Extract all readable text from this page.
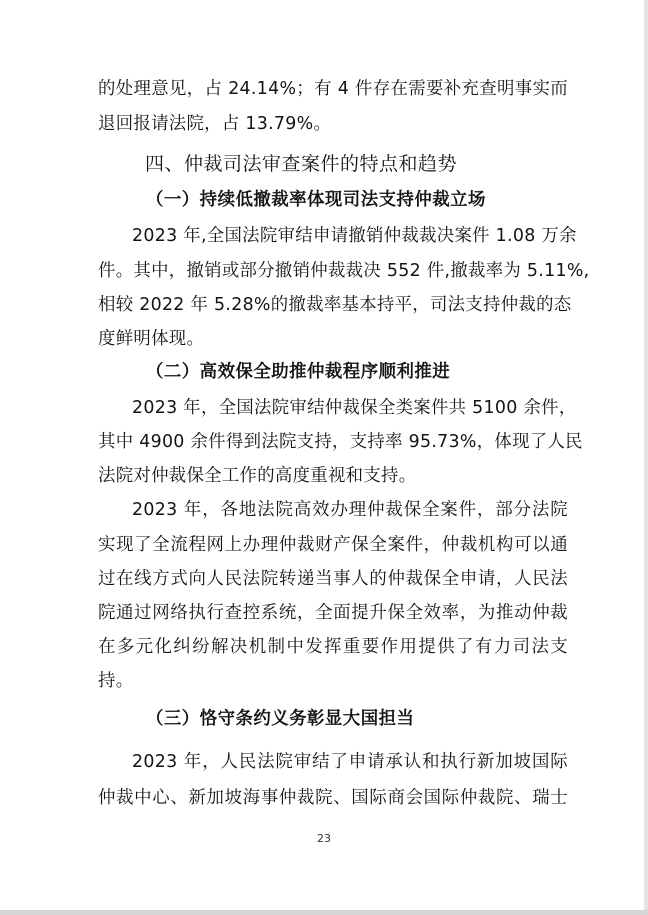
的处理意见，占 24.14%；有 4 件存在需要补充查明事实而
退回报请法院，占 13.79%。
四、仲裁司法审查案件的特点和趋势
（一）持续低撤裁率体现司法支持仲裁立场
2023 年,全国法院审结申请撤销仲裁裁决案件 1.08 万余
件。其中，撤销或部分撤销仲裁裁决 552 件,撤裁率为 5.11%,
相较 2022 年 5.28%的撤裁率基本持平，司法支持仲裁的态
度鲜明体现。
（二）高效保全助推仲裁程序顺利推进
2023 年，全国法院审结仲裁保全类案件共 5100 余件，
其中 4900 余件得到法院支持，支持率 95.73%，体现了人民
法院对仲裁保全工作的高度重视和支持。
2023 年，各地法院高效办理仲裁保全案件，部分法院
实现了全流程网上办理仲裁财产保全案件，仲裁机构可以通
过在线方式向人民法院转递当事人的仲裁保全申请，人民法
院通过网络执行查控系统，全面提升保全效率，为推动仲裁
在多元化纠纷解决机制中发挥重要作用提供了有力司法支
持。
（三）恪守条约义务彰显大国担当
2023 年，人民法院审结了申请承认和执行新加坡国际
仲裁中心、新加坡海事仲裁院、国际商会国际仲裁院、瑞士
23
